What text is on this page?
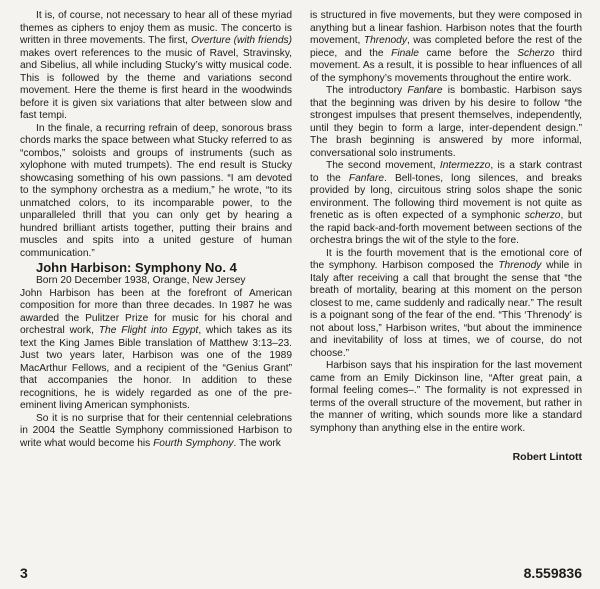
It is, of course, not necessary to hear all of these myriad themes as ciphers to enjoy them as music. The concerto is written in three movements. The first, Overture (with friends) makes overt references to the music of Ravel, Stravinsky, and Sibelius, all while including Stucky’s witty musical code. This is followed by the theme and variations second movement. Here the theme is first heard in the woodwinds before it is given six variations that alter between slow and fast tempi.

In the finale, a recurring refrain of deep, sonorous brass chords marks the space between what Stucky referred to as “combos,” soloists and groups of instruments (such as xylophone with muted trumpets). The end result is Stucky showcasing something of his own passions. “I am devoted to the symphony orchestra as a medium,” he wrote, “to its unmatched colors, to its incomparable power, to the unparalleled thrill that you can only get by hearing a hundred brilliant artists together, putting their brains and muscles and spits into a united gesture of human communication.”

John Harbison: Symphony No. 4

Born 20 December 1938, Orange, New Jersey

John Harbison has been at the forefront of American composition for more than three decades. In 1987 he was awarded the Pulitzer Prize for music for his choral and orchestral work, The Flight into Egypt, which takes as its text the King James Bible translation of Matthew 3:13–23. Just two years later, Harbison was one of the 1989 MacArthur Fellows, and a recipient of the “Genius Grant” that accompanies the honor. In addition to these recognitions, he is widely regarded as one of the pre-eminent living American symphonists.

So it is no surprise that for their centennial celebrations in 2004 the Seattle Symphony commissioned Harbison to write what would become his Fourth Symphony. The work

is structured in five movements, but they were composed in anything but a linear fashion. Harbison notes that the fourth movement, Threnody, was completed before the rest of the piece, and the Finale came before the Scherzo third movement. As a result, it is possible to hear influences of all of the symphony’s movements throughout the entire work.

The introductory Fanfare is bombastic. Harbison says that the beginning was driven by his desire to follow “the strongest impulses that present themselves, independently, until they begin to form a large, inter-dependent design.” The brash beginning is answered by more informal, conversational solo instruments.

The second movement, Intermezzo, is a stark contrast to the Fanfare. Bell-tones, long silences, and breaks provided by long, circuitous string solos shape the sonic environment. The following third movement is not quite as frenetic as is often expected of a symphonic scherzo, but the rapid back-and-forth movement between sections of the orchestra brings the wit of the style to the fore.

It is the fourth movement that is the emotional core of the symphony. Harbison composed the Threnody while in Italy after receiving a call that brought the sense that “the breath of mortality, bearing at this moment on the person closest to me, came suddenly and radically near.” The result is a poignant song of the fear of the end. “This ‘Threnody’ is not about loss,” Harbison writes, “but about the imminence and inevitability of loss at times, we of course, do not choose.”

Harbison says that his inspiration for the last movement came from an Emily Dickinson line, “After great pain, a formal feeling comes–.” The formality is not expressed in terms of the overall structure of the movement, but rather in the manner of writing, which sounds more like a standard symphony than anything else in the entire work.

Robert Lintott
3	8.559836
